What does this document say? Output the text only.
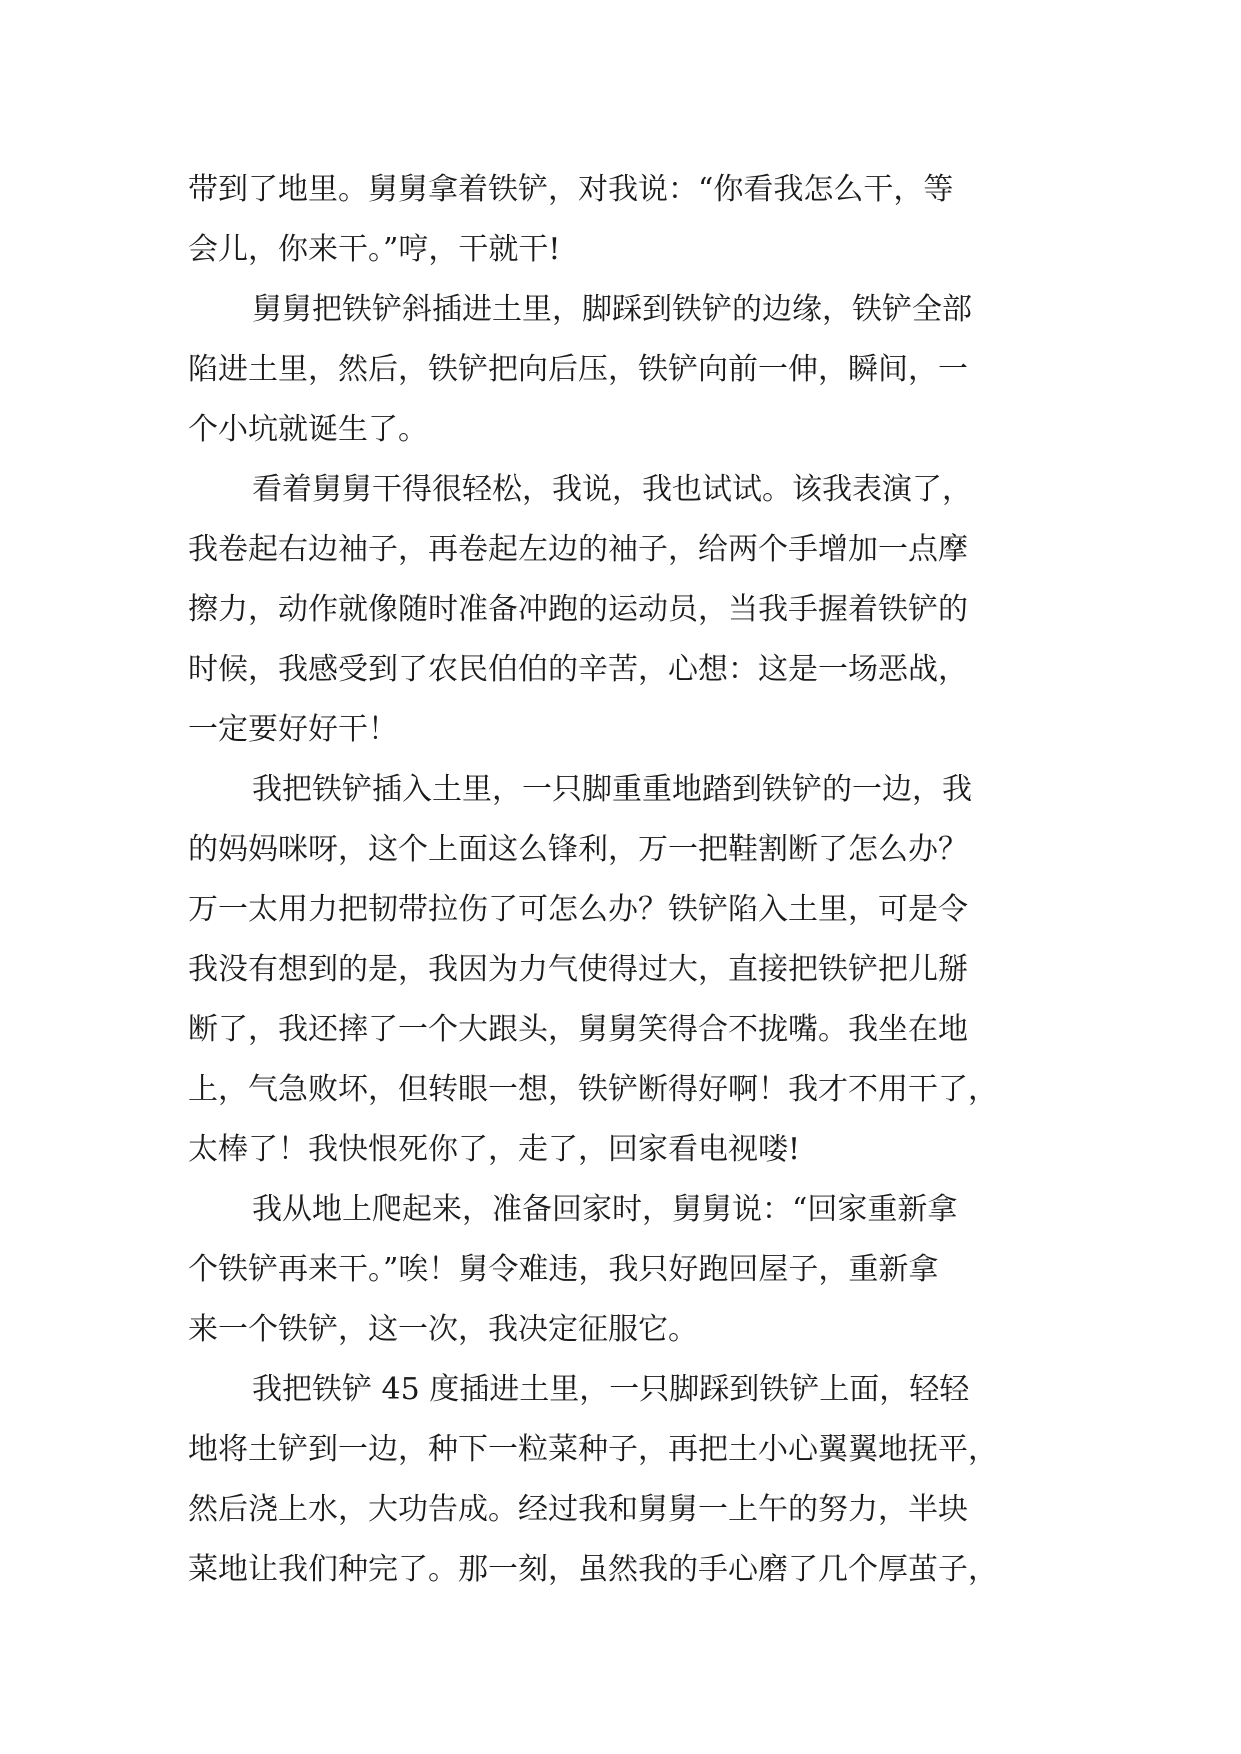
带到了地里。舅舅拿着铁铲，对我说：“你看我怎么干，等
会儿，你来干。”哼，干就干!
舅舅把铁铲斜插进土里，脚踩到铁铲的边缘，铁铲全部
陷进土里，然后，铁铲把向后压，铁铲向前一伸，瞬间，一
个小坑就诞生了。
看着舅舅干得很轻松，我说，我也试试。该我表演了，
我卷起右边袖子，再卷起左边的袖子，给两个手增加一点摩
擦力，动作就像随时准备冲跑的运动员，当我手握着铁铲的
时候，我感受到了农民伯伯的辛苦，心想：这是一场恶战，
一定要好好干！
我把铁铲插入土里，一只脚重重地踏到铁铲的一边，我
的妈妈咪呀，这个上面这么锋利，万一把鞋割断了怎么办？
万一太用力把韧带拉伤了可怎么办？铁铲陷入土里，可是令
我没有想到的是，我因为力气使得过大，直接把铁铲把儿掰
断了，我还摔了一个大跟头，舅舅笑得合不拢嘴。我坐在地
上，气急败坏，但转眼一想，铁铲断得好啊！我才不用干了，
太棒了！我快恨死你了，走了，回家看电视喽!
我从地上爬起来，准备回家时，舅舅说：“回家重新拿
个铁铲再来干。”唉！舅令难违，我只好跑回屋子，重新拿
来一个铁铲，这一次，我决定征服它。
我把铁铲 45 度插进土里，一只脚踩到铁铲上面，轻轻
地将土铲到一边，种下一粒菜种子，再把土小心翼翼地抚平，
然后浇上水，大功告成。经过我和舅舅一上午的努力，半块
菜地让我们种完了。那一刻，虽然我的手心磨了几个厚茧子，
